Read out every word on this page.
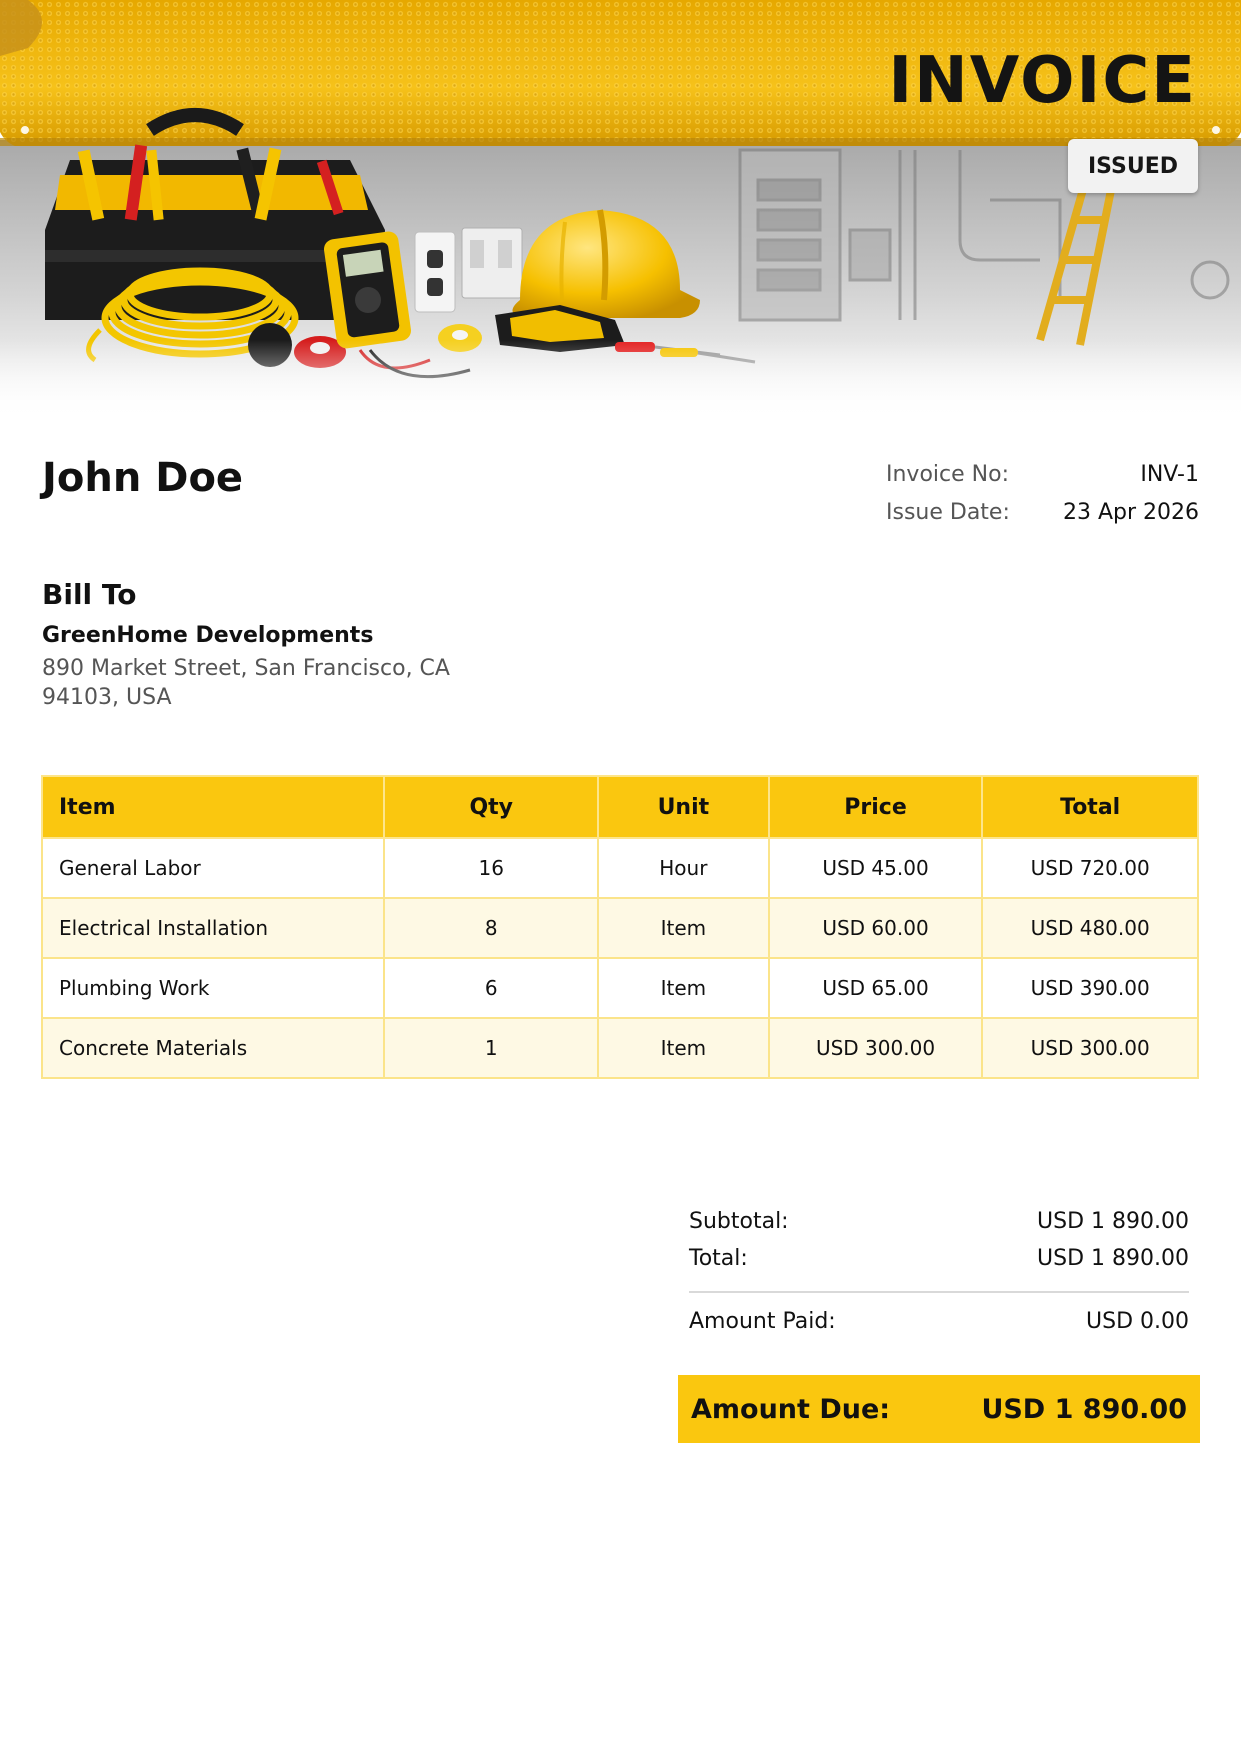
INVOICE
ISSUED
John Doe	Invoice No:	INV-1
Issue Date: 23 Apr 2026
Bill To
GreenHome Developments
890 Market Street, San Francisco, CA 94103, USA
Item	Qty	Unit	Price	Total
General Labor	16	Hour	USD 45.00	USD 720.00
Electrical Installation	8	Item	USD 60.00	USD 480.00
Plumbing Work	6	Item	USD 65.00	USD 390.00
Concrete Materials	1	Item	USD 300.00	USD 300.00
Subtotal:	USD 1 890.00
Total:	USD 1 890.00
Amount Paid:	USD 0.00
Amount Due:	USD 1 890.00
